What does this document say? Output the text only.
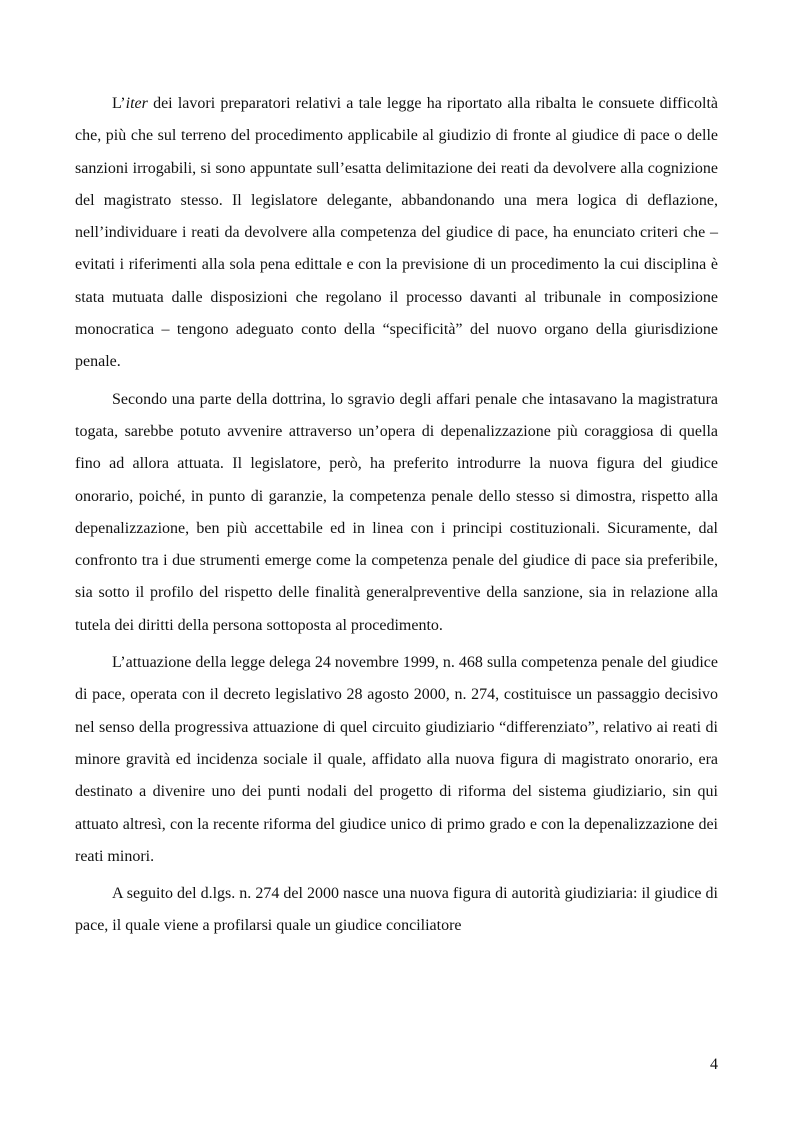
L’iter dei lavori preparatori relativi a tale legge ha riportato alla ribalta le consuete difficoltà che, più che sul terreno del procedimento applicabile al giudizio di fronte al giudice di pace o delle sanzioni irrogabili, si sono appuntate sull’esatta delimitazione dei reati da devolvere alla cognizione del magistrato stesso. Il legislatore delegante, abbandonando una mera logica di deflazione, nell’individuare i reati da devolvere alla competenza del giudice di pace, ha enunciato criteri che – evitati i riferimenti alla sola pena edittale e con la previsione di un procedimento la cui disciplina è stata mutuata dalle disposizioni che regolano il processo davanti al tribunale in composizione monocratica – tengono adeguato conto della “specificità” del nuovo organo della giurisdizione penale.

Secondo una parte della dottrina, lo sgravio degli affari penale che intasavano la magistratura togata, sarebbe potuto avvenire attraverso un’opera di depenalizzazione più coraggiosa di quella fino ad allora attuata. Il legislatore, però, ha preferito introdurre la nuova figura del giudice onorario, poiché, in punto di garanzie, la competenza penale dello stesso si dimostra, rispetto alla depenalizzazione, ben più accettabile ed in linea con i principi costituzionali. Sicuramente, dal confronto tra i due strumenti emerge come la competenza penale del giudice di pace sia preferibile, sia sotto il profilo del rispetto delle finalità generalpreventive della sanzione, sia in relazione alla tutela dei diritti della persona sottoposta al procedimento.

L’attuazione della legge delega 24 novembre 1999, n. 468 sulla competenza penale del giudice di pace, operata con il decreto legislativo 28 agosto 2000, n. 274, costituisce un passaggio decisivo nel senso della progressiva attuazione di quel circuito giudiziario “differenziato”, relativo ai reati di minore gravità ed incidenza sociale il quale, affidato alla nuova figura di magistrato onorario, era destinato a divenire uno dei punti nodali del progetto di riforma del sistema giudiziario, sin qui attuato altresì, con la recente riforma del giudice unico di primo grado e con la depenalizzazione dei reati minori.

A seguito del d.lgs. n. 274 del 2000 nasce una nuova figura di autorità giudiziaria: il giudice di pace, il quale viene a profilarsi quale un giudice conciliatore

4
